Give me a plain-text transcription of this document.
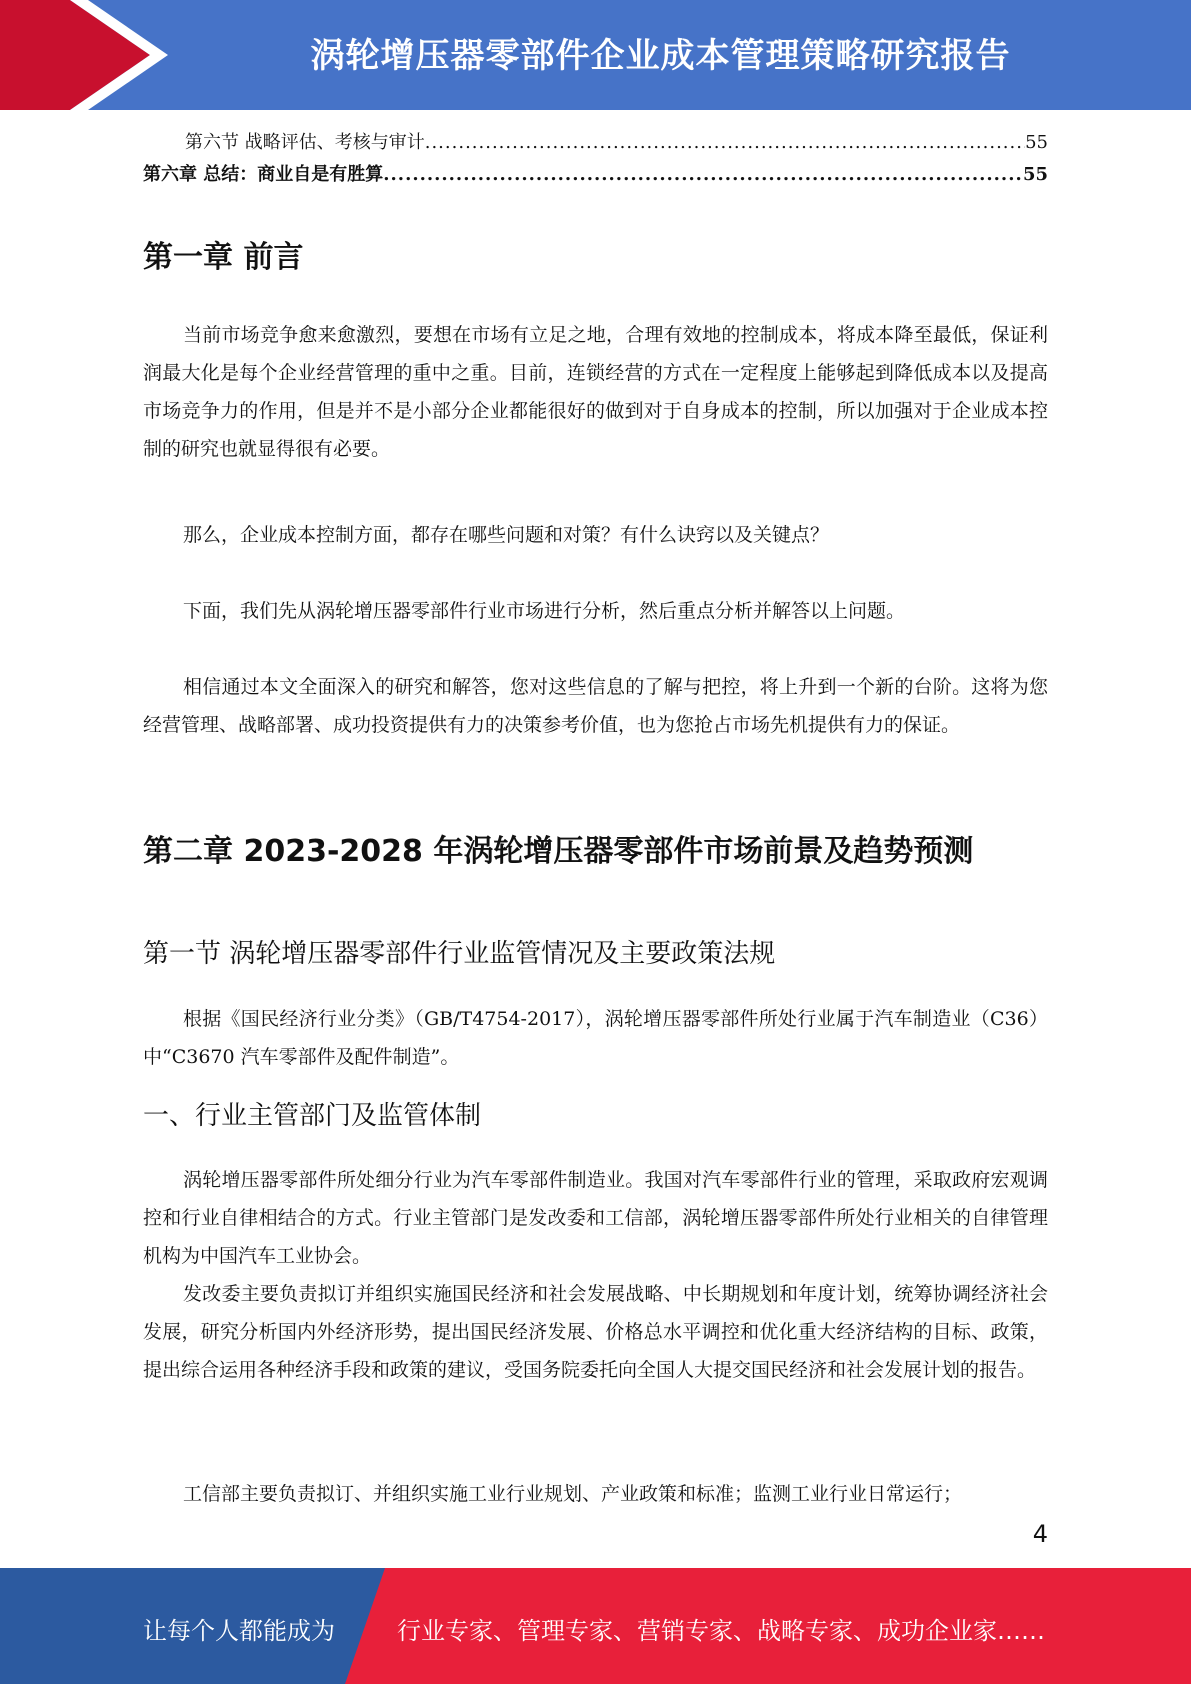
涡轮增压器零部件企业成本管理策略研究报告
第六节 战略评估、考核与审计 .....	55
第六章 总结：商业自是有胜算 .....	55
第一章 前言

当前市场竞争愈来愈激烈，要想在市场有立足之地，合理有效地的控制成本，将成本降至最低，保证利润最大化是每个企业经营管理的重中之重。目前，连锁经营的方式在一定程度上能够起到降低成本以及提高市场竞争力的作用，但是并不是小部分企业都能很好的做到对于自身成本的控制，所以加强对于企业成本控制的研究也就显得很有必要。

那么，企业成本控制方面，都存在哪些问题和对策？有什么诀窍以及关键点？

下面，我们先从涡轮增压器零部件行业市场进行分析，然后重点分析并解答以上问题。

相信通过本文全面深入的研究和解答，您对这些信息的了解与把控，将上升到一个新的台阶。这将为您经营管理、战略部署、成功投资提供有力的决策参考价值，也为您抢占市场先机提供有力的保证。

第二章 2023-2028 年涡轮增压器零部件市场前景及趋势预测
第一节 涡轮增压器零部件行业监管情况及主要政策法规

根据《国民经济行业分类》（GB/T4754-2017），涡轮增压器零部件所处行业属于汽车制造业（C36）中“C3670 汽车零部件及配件制造”。

一、行业主管部门及监管体制

涡轮增压器零部件所处细分行业为汽车零部件制造业。我国对汽车零部件行业的管理，采取政府宏观调控和行业自律相结合的方式。行业主管部门是发改委和工信部，涡轮增压器零部件所处行业相关的自律管理机构为中国汽车工业协会。

发改委主要负责拟订并组织实施国民经济和社会发展战略、中长期规划和年度计划，统筹协调经济社会发展，研究分析国内外经济形势，提出国民经济发展、价格总水平调控和优化重大经济结构的目标、政策，提出综合运用各种经济手段和政策的建议，受国务院委托向全国人大提交国民经济和社会发展计划的报告。

工信部主要负责拟订、并组织实施工业行业规划、产业政策和标准；监测工业行业日常运行；

4
让每个人都能成为	行业专家、管理专家、营销专家、战略专家、成功企业家……
